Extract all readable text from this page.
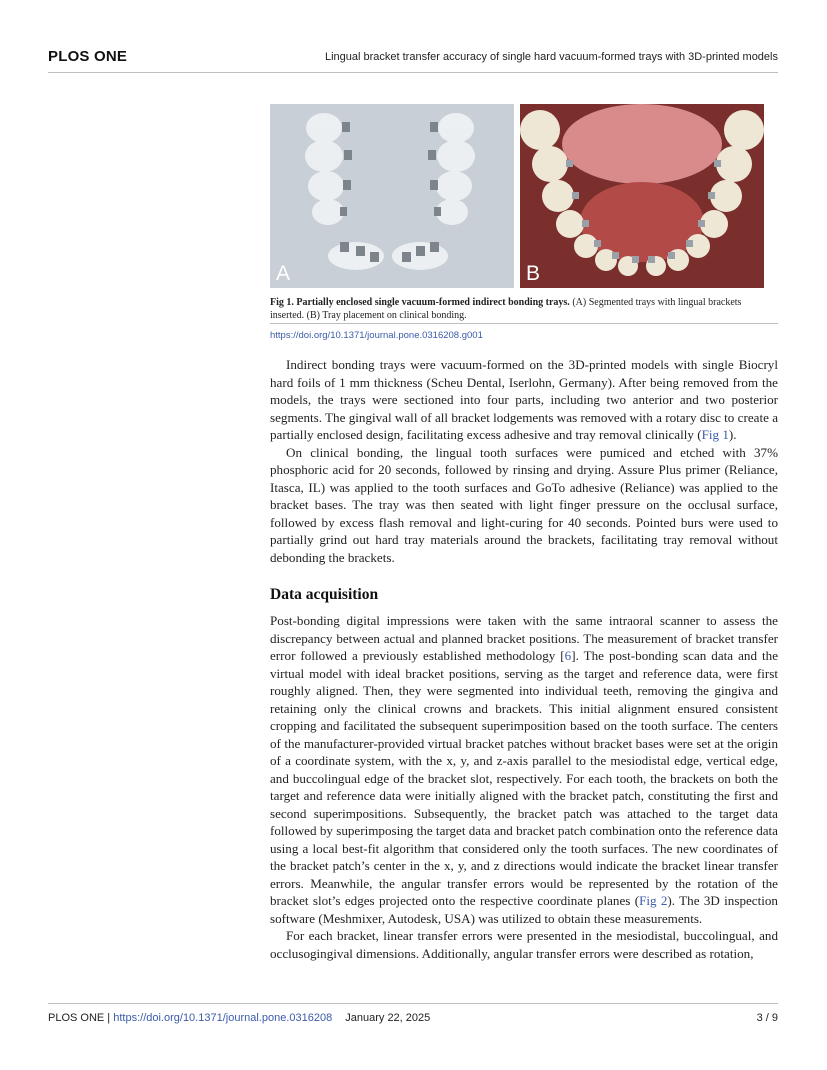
PLOS ONE	Lingual bracket transfer accuracy of single hard vacuum-formed trays with 3D-printed models
A	B
Fig 1. Partially enclosed single vacuum-formed indirect bonding trays. (A) Segmented trays with lingual brackets inserted. (B) Tray placement on clinical bonding.
https://doi.org/10.1371/journal.pone.0316208.g001

Indirect bonding trays were vacuum-formed on the 3D-printed models with single Biocryl hard foils of 1 mm thickness (Scheu Dental, Iserlohn, Germany). After being removed from the models, the trays were sectioned into four parts, including two anterior and two posterior segments. The gingival wall of all bracket lodgements was removed with a rotary disc to create a partially enclosed design, facilitating excess adhesive and tray removal clinically (Fig 1).

On clinical bonding, the lingual tooth surfaces were pumiced and etched with 37% phosphoric acid for 20 seconds, followed by rinsing and drying. Assure Plus primer (Reliance, Itasca, IL) was applied to the tooth surfaces and GoTo adhesive (Reliance) was applied to the bracket bases. The tray was then seated with light finger pressure on the occlusal surface, followed by excess flash removal and light-curing for 40 seconds. Pointed burs were used to partially grind out hard tray materials around the brackets, facilitating tray removal without debonding the brackets.

Data acquisition

Post-bonding digital impressions were taken with the same intraoral scanner to assess the discrepancy between actual and planned bracket positions. The measurement of bracket transfer error followed a previously established methodology [6]. The post-bonding scan data and the virtual model with ideal bracket positions, serving as the target and reference data, were first roughly aligned. Then, they were segmented into individual teeth, removing the gingiva and retaining only the clinical crowns and brackets. This initial alignment ensured consistent cropping and facilitated the subsequent superimposition based on the tooth surface. The centers of the manufacturer-provided virtual bracket patches without bracket bases were set at the origin of a coordinate system, with the x, y, and z-axis parallel to the mesiodistal edge, vertical edge, and buccolingual edge of the bracket slot, respectively. For each tooth, the brackets on both the target and reference data were initially aligned with the bracket patch, constituting the first and second superimpositions. Subsequently, the bracket patch was attached to the target data followed by superimposing the target data and bracket patch combination onto the reference data using a local best-fit algorithm that considered only the tooth surfaces. The new coordinates of the bracket patch’s center in the x, y, and z directions would indicate the bracket linear transfer errors. Meanwhile, the angular transfer errors would be represented by the rotation of the bracket slot’s edges projected onto the respective coordinate planes (Fig 2). The 3D inspection software (Meshmixer, Autodesk, USA) was utilized to obtain these measurements.

For each bracket, linear transfer errors were presented in the mesiodistal, buccolingual, and occlusogingival dimensions. Additionally, angular transfer errors were described as rotation,

PLOS ONE | https://doi.org/10.1371/journal.pone.0316208 January 22, 2025	3 / 9
